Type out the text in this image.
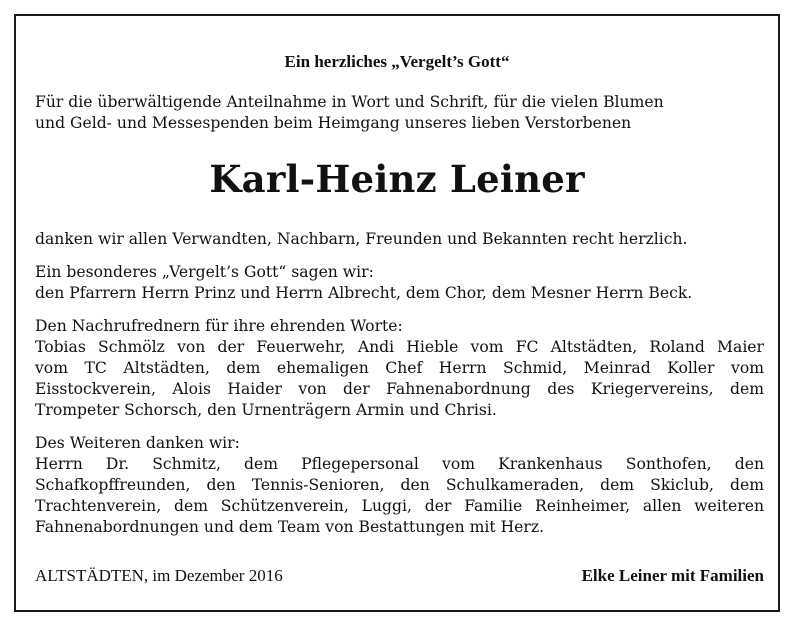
Ein herzliches „Vergelt’s Gott“

Für die überwältigende Anteilnahme in Wort und Schrift, für die vielen Blumen
und Geld- und Messespenden beim Heimgang unseres lieben Verstorbenen

Karl-Heinz Leiner

danken wir allen Verwandten, Nachbarn, Freunden und Bekannten recht herzlich.

Ein besonderes „Vergelt’s Gott“ sagen wir:
den Pfarrern Herrn Prinz und Herrn Albrecht, dem Chor, dem Mesner Herrn Beck.

Den Nachrufrednern für ihre ehrenden Worte:
Tobias Schmölz von der Feuerwehr, Andi Hieble vom FC Altstädten, Roland Maier
vom TC Altstädten, dem ehemaligen Chef Herrn Schmid, Meinrad Koller vom
Eisstockverein, Alois Haider von der Fahnenabordnung des Kriegervereins, dem
Trompeter Schorsch, den Urnenträgern Armin und Chrisi.

Des Weiteren danken wir:
Herrn Dr. Schmitz, dem Pflegepersonal vom Krankenhaus Sonthofen, den
Schafkopffreunden, den Tennis-Senioren, den Schulkameraden, dem Skiclub, dem
Trachtenverein, dem Schützenverein, Luggi, der Familie Reinheimer, allen weiteren
Fahnenabordnungen und dem Team von Bestattungen mit Herz.

ALTSTÄDTEN, im Dezember 2016	Elke Leiner mit Familien
